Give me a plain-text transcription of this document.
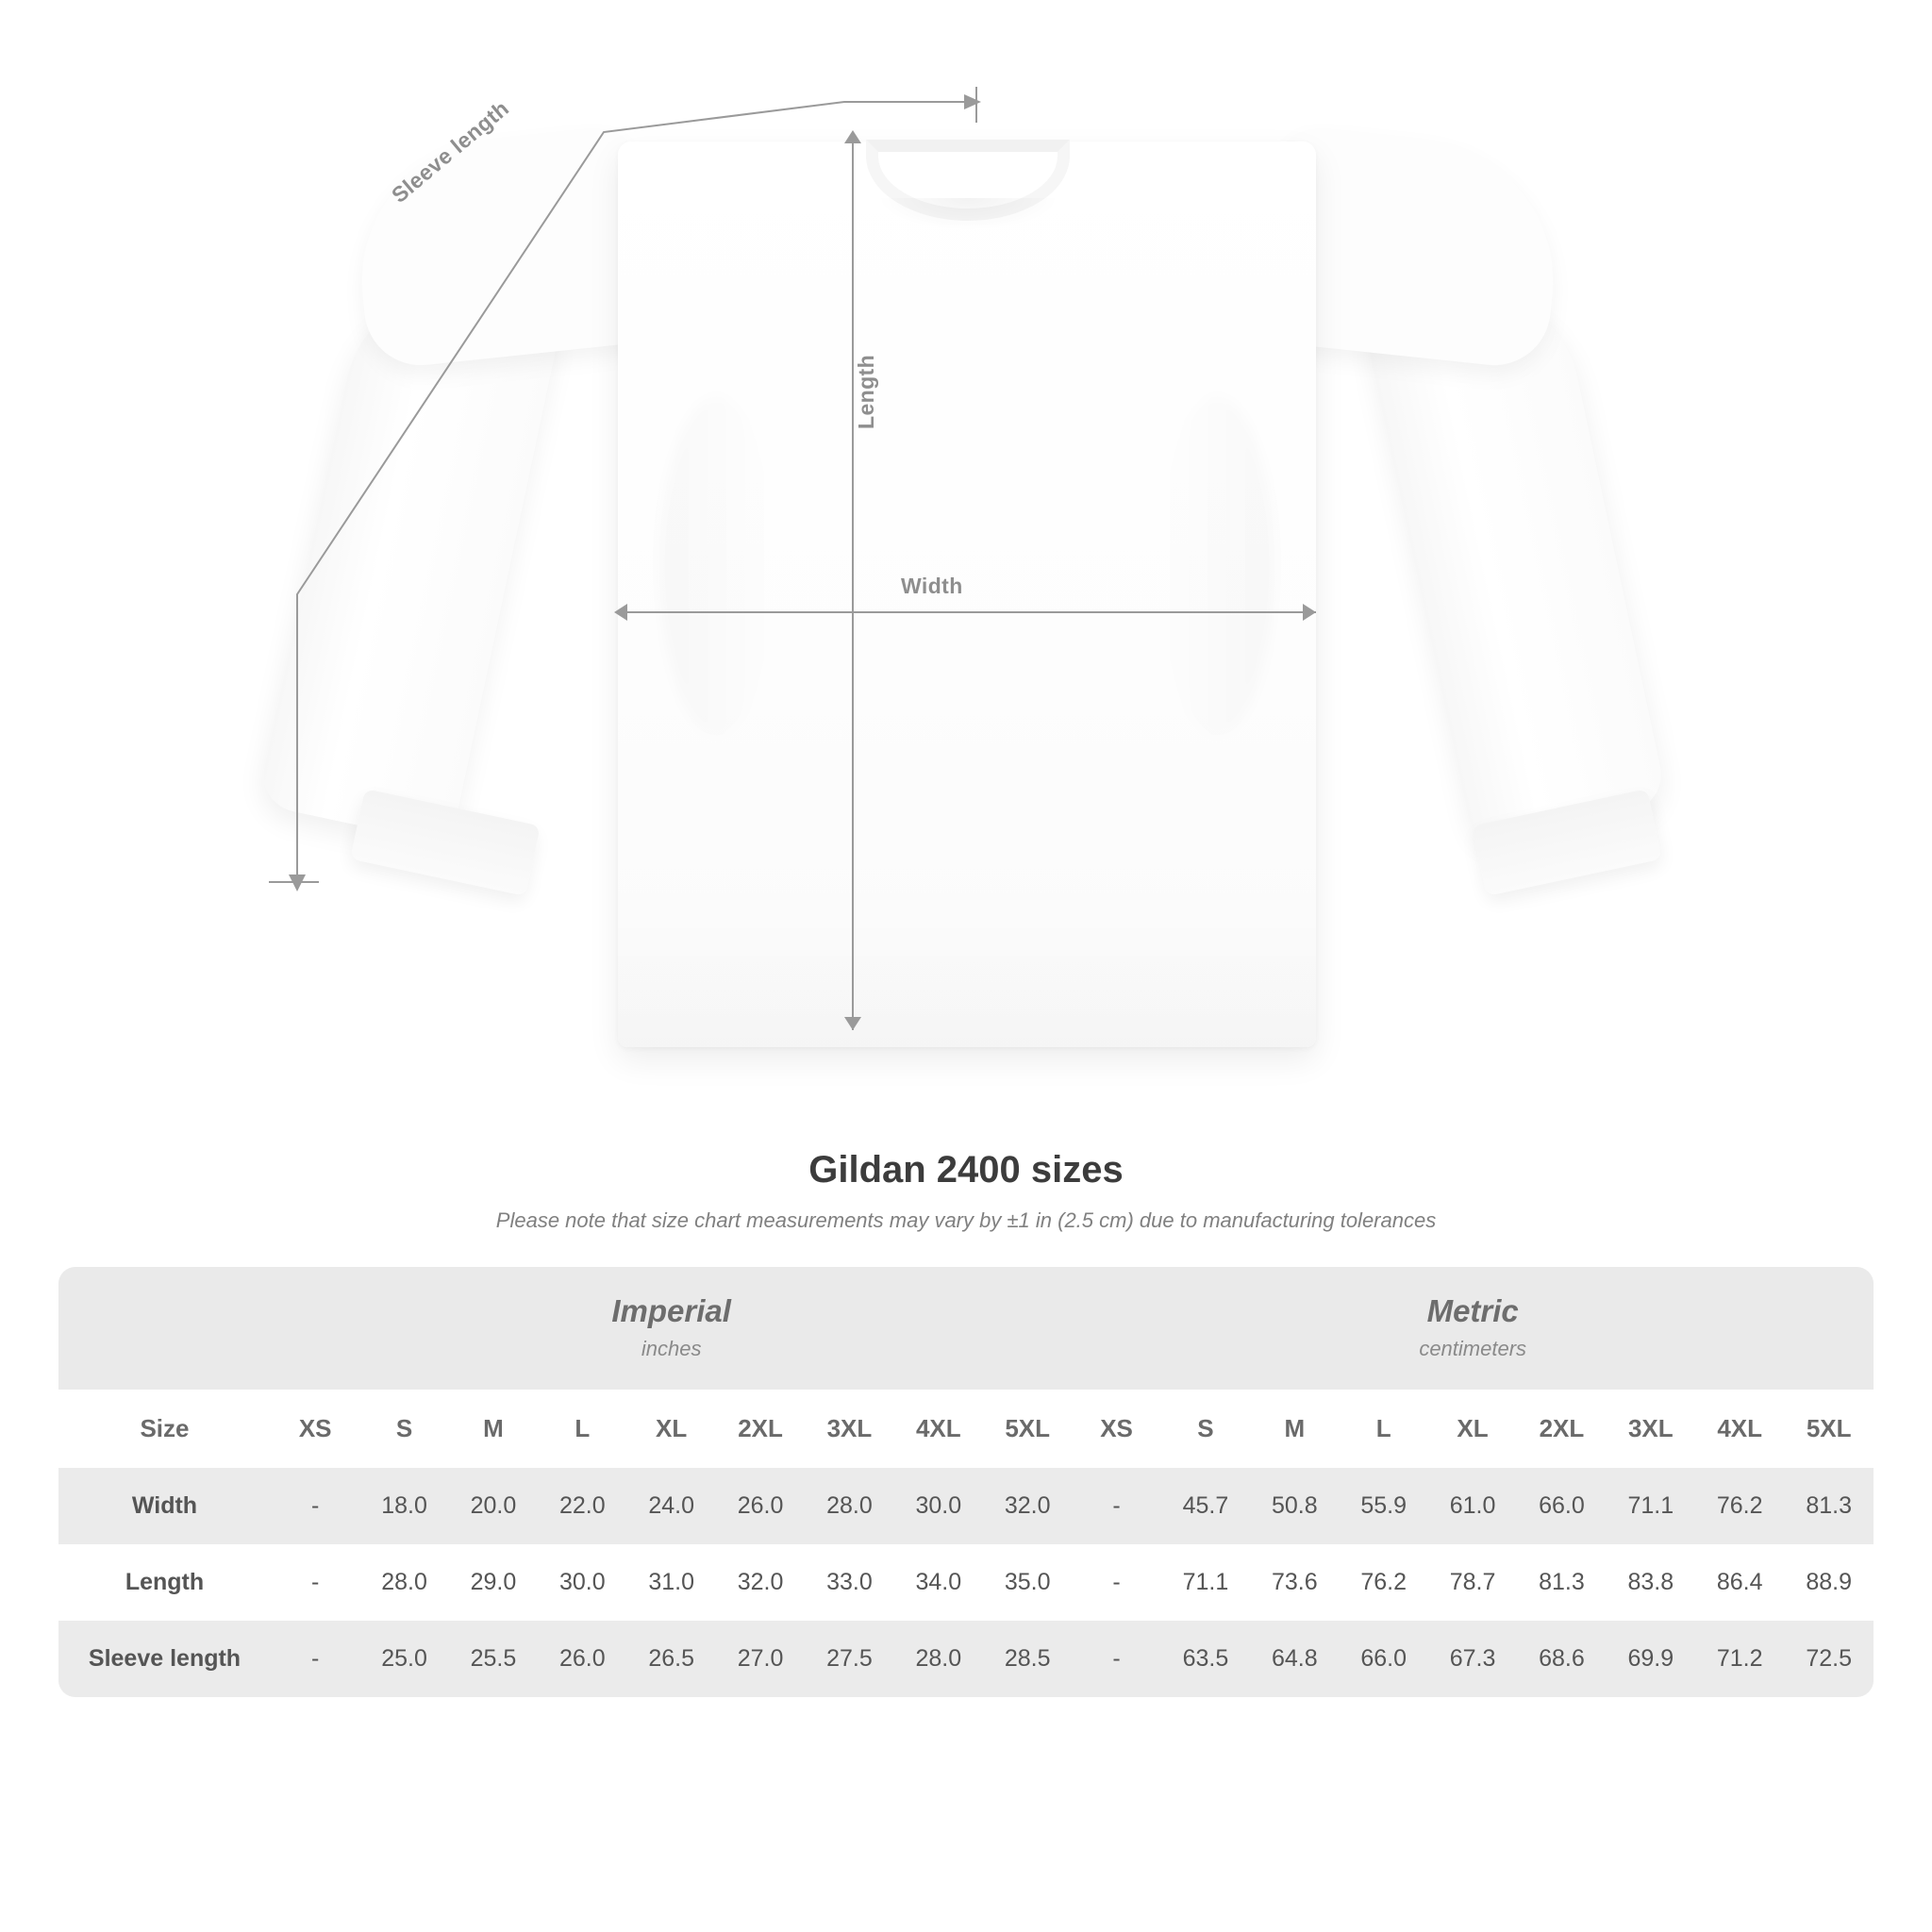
Length
Width
Sleeve length
Gildan 2400 sizes

Please note that size chart measurements may vary by ±1 in (2.5 cm) due to manufacturing tolerances

	Imperial
inches									Metric
centimeters								

Size	XS	S	M	L	XL	2XL	3XL	4XL	5XL	XS	S	M	L	XL	2XL	3XL	4XL	5XL
Width	-	18.0	20.0	22.0	24.0	26.0	28.0	30.0	32.0	-	45.7	50.8	55.9	61.0	66.0	71.1	76.2	81.3
Length	-	28.0	29.0	30.0	31.0	32.0	33.0	34.0	35.0	-	71.1	73.6	76.2	78.7	81.3	83.8	86.4	88.9
Sleeve length	-	25.0	25.5	26.0	26.5	27.0	27.5	28.0	28.5	-	63.5	64.8	66.0	67.3	68.6	69.9	71.2	72.5
